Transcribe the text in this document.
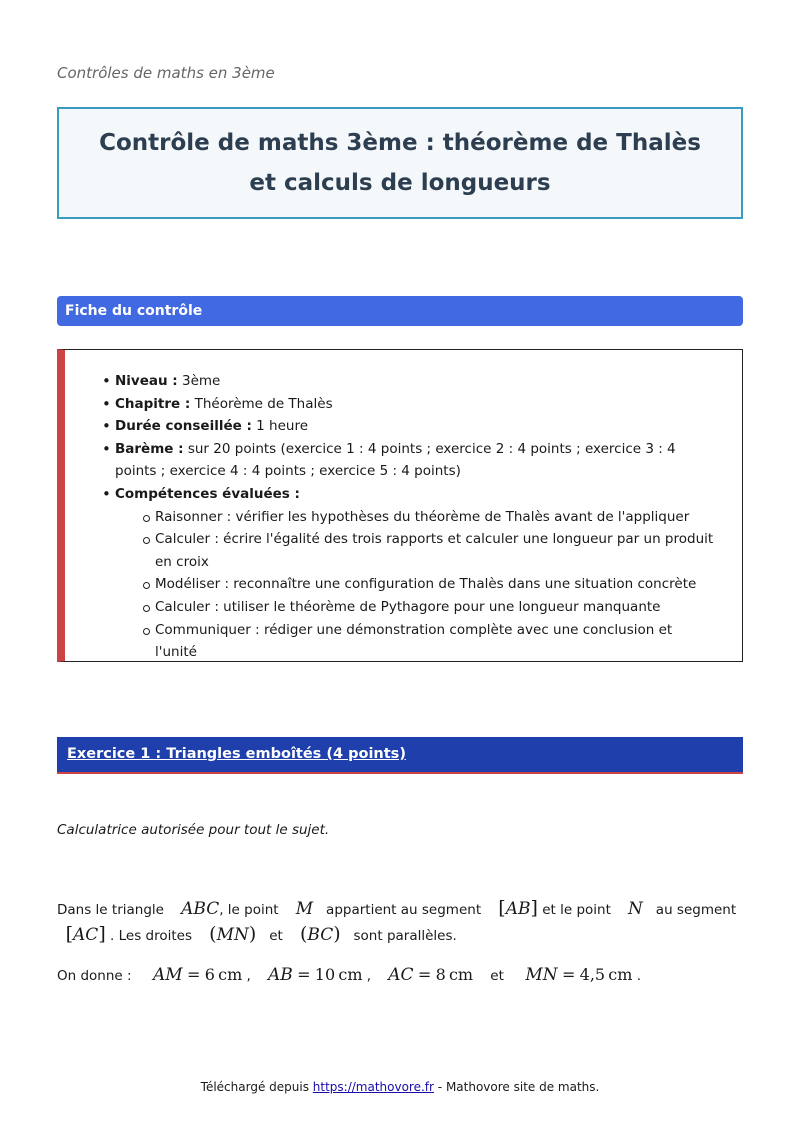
Contrôles de maths en 3ème
Contrôle de maths 3ème : théorème de Thalès et calculs de longueurs
Fiche du contrôle
• Niveau : 3ème
• Chapitre : Théorème de Thalès
• Durée conseillée : 1 heure
• Barème : sur 20 points (exercice 1 : 4 points ; exercice 2 : 4 points ; exercice 3 : 4 points ; exercice 4 : 4 points ; exercice 5 : 4 points)
• Compétences évaluées :
Raisonner : vérifier les hypothèses du théorème de Thalès avant de l'appliquer
Calculer : écrire l'égalité des trois rapports et calculer une longueur par un produit en croix
Modéliser : reconnaître une configuration de Thalès dans une situation concrète
Calculer : utiliser le théorème de Pythagore pour une longueur manquante
Communiquer : rédiger une démonstration complète avec une conclusion et l'unité
Exercice 1 : Triangles emboîtés (4 points)
Calculatrice autorisée pour tout le sujet.
Dans le triangle ABC, le point M appartient au segment [AB] et le point N au segment
[AC] . Les droites (MN) et (BC) sont parallèles.
On donne : AM = 6  cm ,    AB = 10  cm ,    AC = 8  cm et MN = 4,5  cm .
Téléchargé depuis https://mathovore.fr - Mathovore site de maths.
